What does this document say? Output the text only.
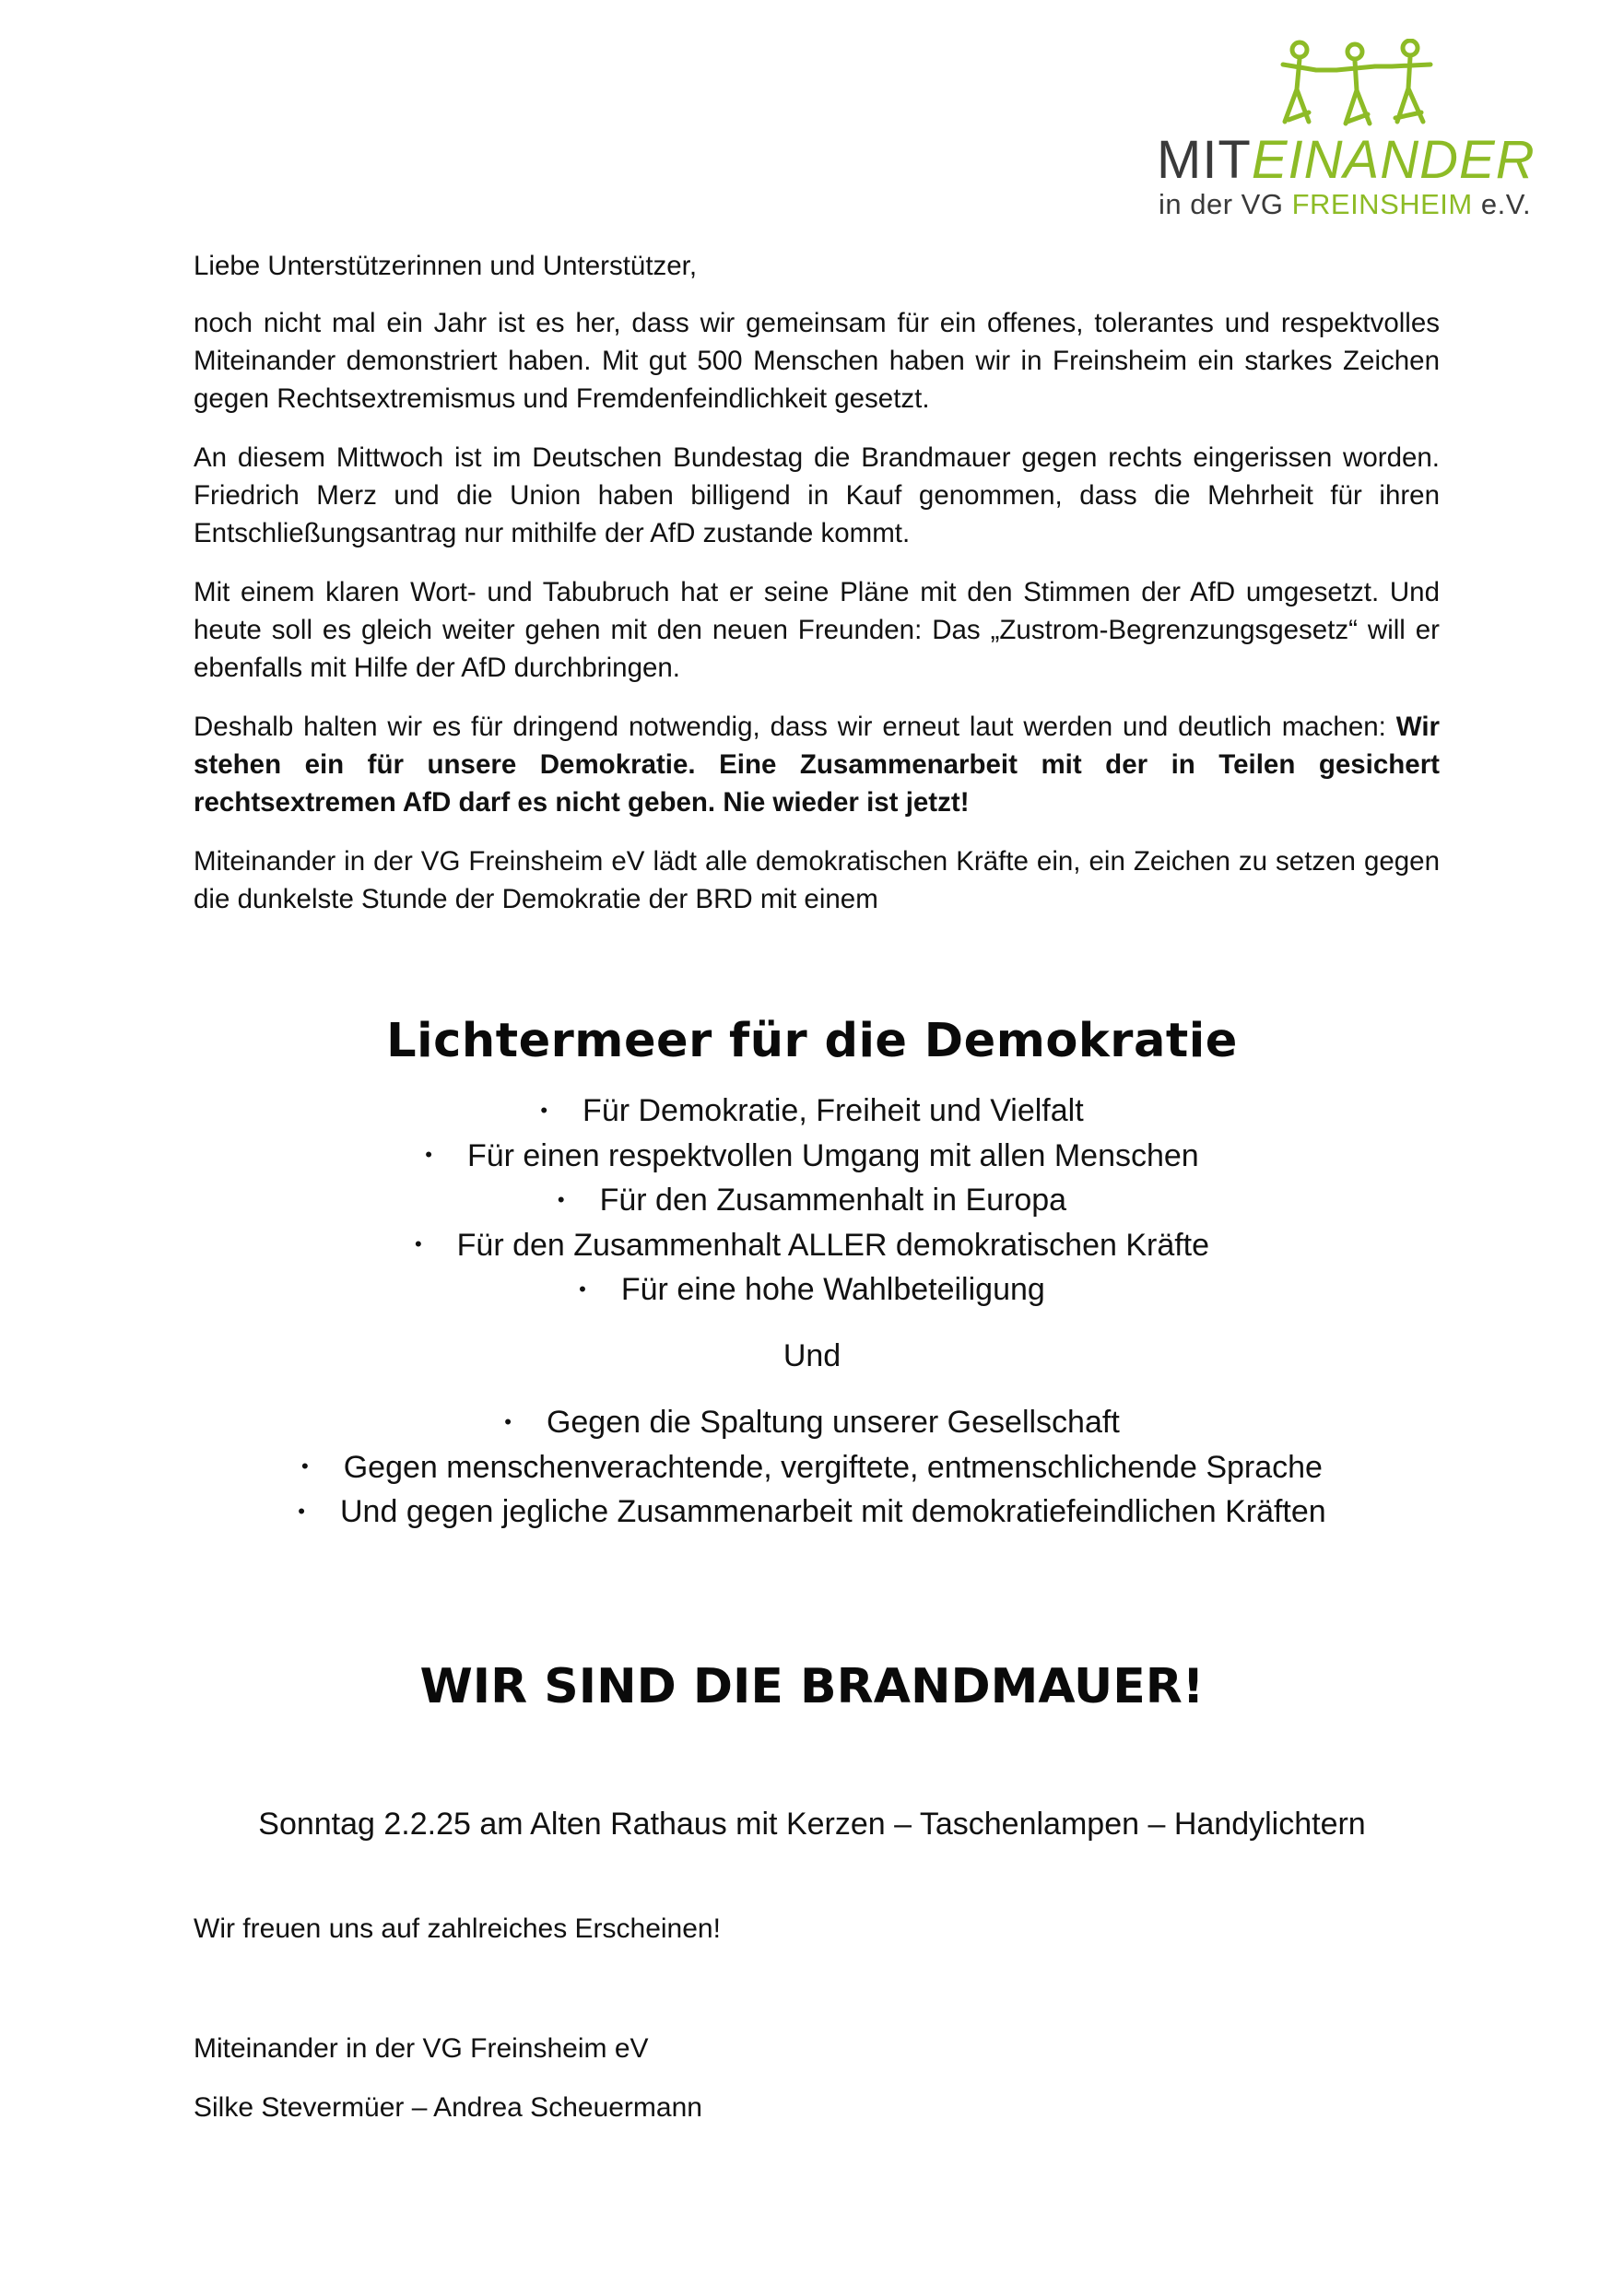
MITEINANDER
in der VG FREINSHEIM e.V.

Liebe Unterstützerinnen und Unterstützer,

noch nicht mal ein Jahr ist es her, dass wir gemeinsam für ein offenes, tolerantes und respektvolles Miteinander demonstriert haben. Mit gut 500 Menschen haben wir in Freinsheim ein starkes Zeichen gegen Rechtsextremismus und Fremdenfeindlichkeit gesetzt.

An diesem Mittwoch ist im Deutschen Bundestag die Brandmauer gegen rechts eingerissen worden. Friedrich Merz und die Union haben billigend in Kauf genommen, dass die Mehrheit für ihren Entschließungsantrag nur mithilfe der AfD zustande kommt.

Mit einem klaren Wort- und Tabubruch hat er seine Pläne mit den Stimmen der AfD umgesetzt. Und heute soll es gleich weiter gehen mit den neuen Freunden: Das „Zustrom-Begrenzungsgesetz“ will er ebenfalls mit Hilfe der AfD durchbringen.

Deshalb halten wir es für dringend notwendig, dass wir erneut laut werden und deutlich machen: Wir stehen ein für unsere Demokratie. Eine Zusammenarbeit mit der in Teilen gesichert rechtsextremen AfD darf es nicht geben. Nie wieder ist jetzt!

Miteinander in der VG Freinsheim eV lädt alle demokratischen Kräfte ein, ein Zeichen zu setzen gegen die dunkelste Stunde der Demokratie der BRD mit einem

Lichtermeer für die Demokratie
• Für Demokratie, Freiheit und Vielfalt
• Für einen respektvollen Umgang mit allen Menschen
• Für den Zusammenhalt in Europa
• Für den Zusammenhalt ALLER demokratischen Kräfte
• Für eine hohe Wahlbeteiligung
Und
• Gegen die Spaltung unserer Gesellschaft
• Gegen menschenverachtende, vergiftete, entmenschlichende Sprache
• Und gegen jegliche Zusammenarbeit mit demokratiefeindlichen Kräften
WIR SIND DIE BRANDMAUER!
Sonntag 2.2.25 am Alten Rathaus mit Kerzen – Taschenlampen – Handylichtern
Wir freuen uns auf zahlreiches Erscheinen!
Miteinander in der VG Freinsheim eV
Silke Stevermüer – Andrea Scheuermann
